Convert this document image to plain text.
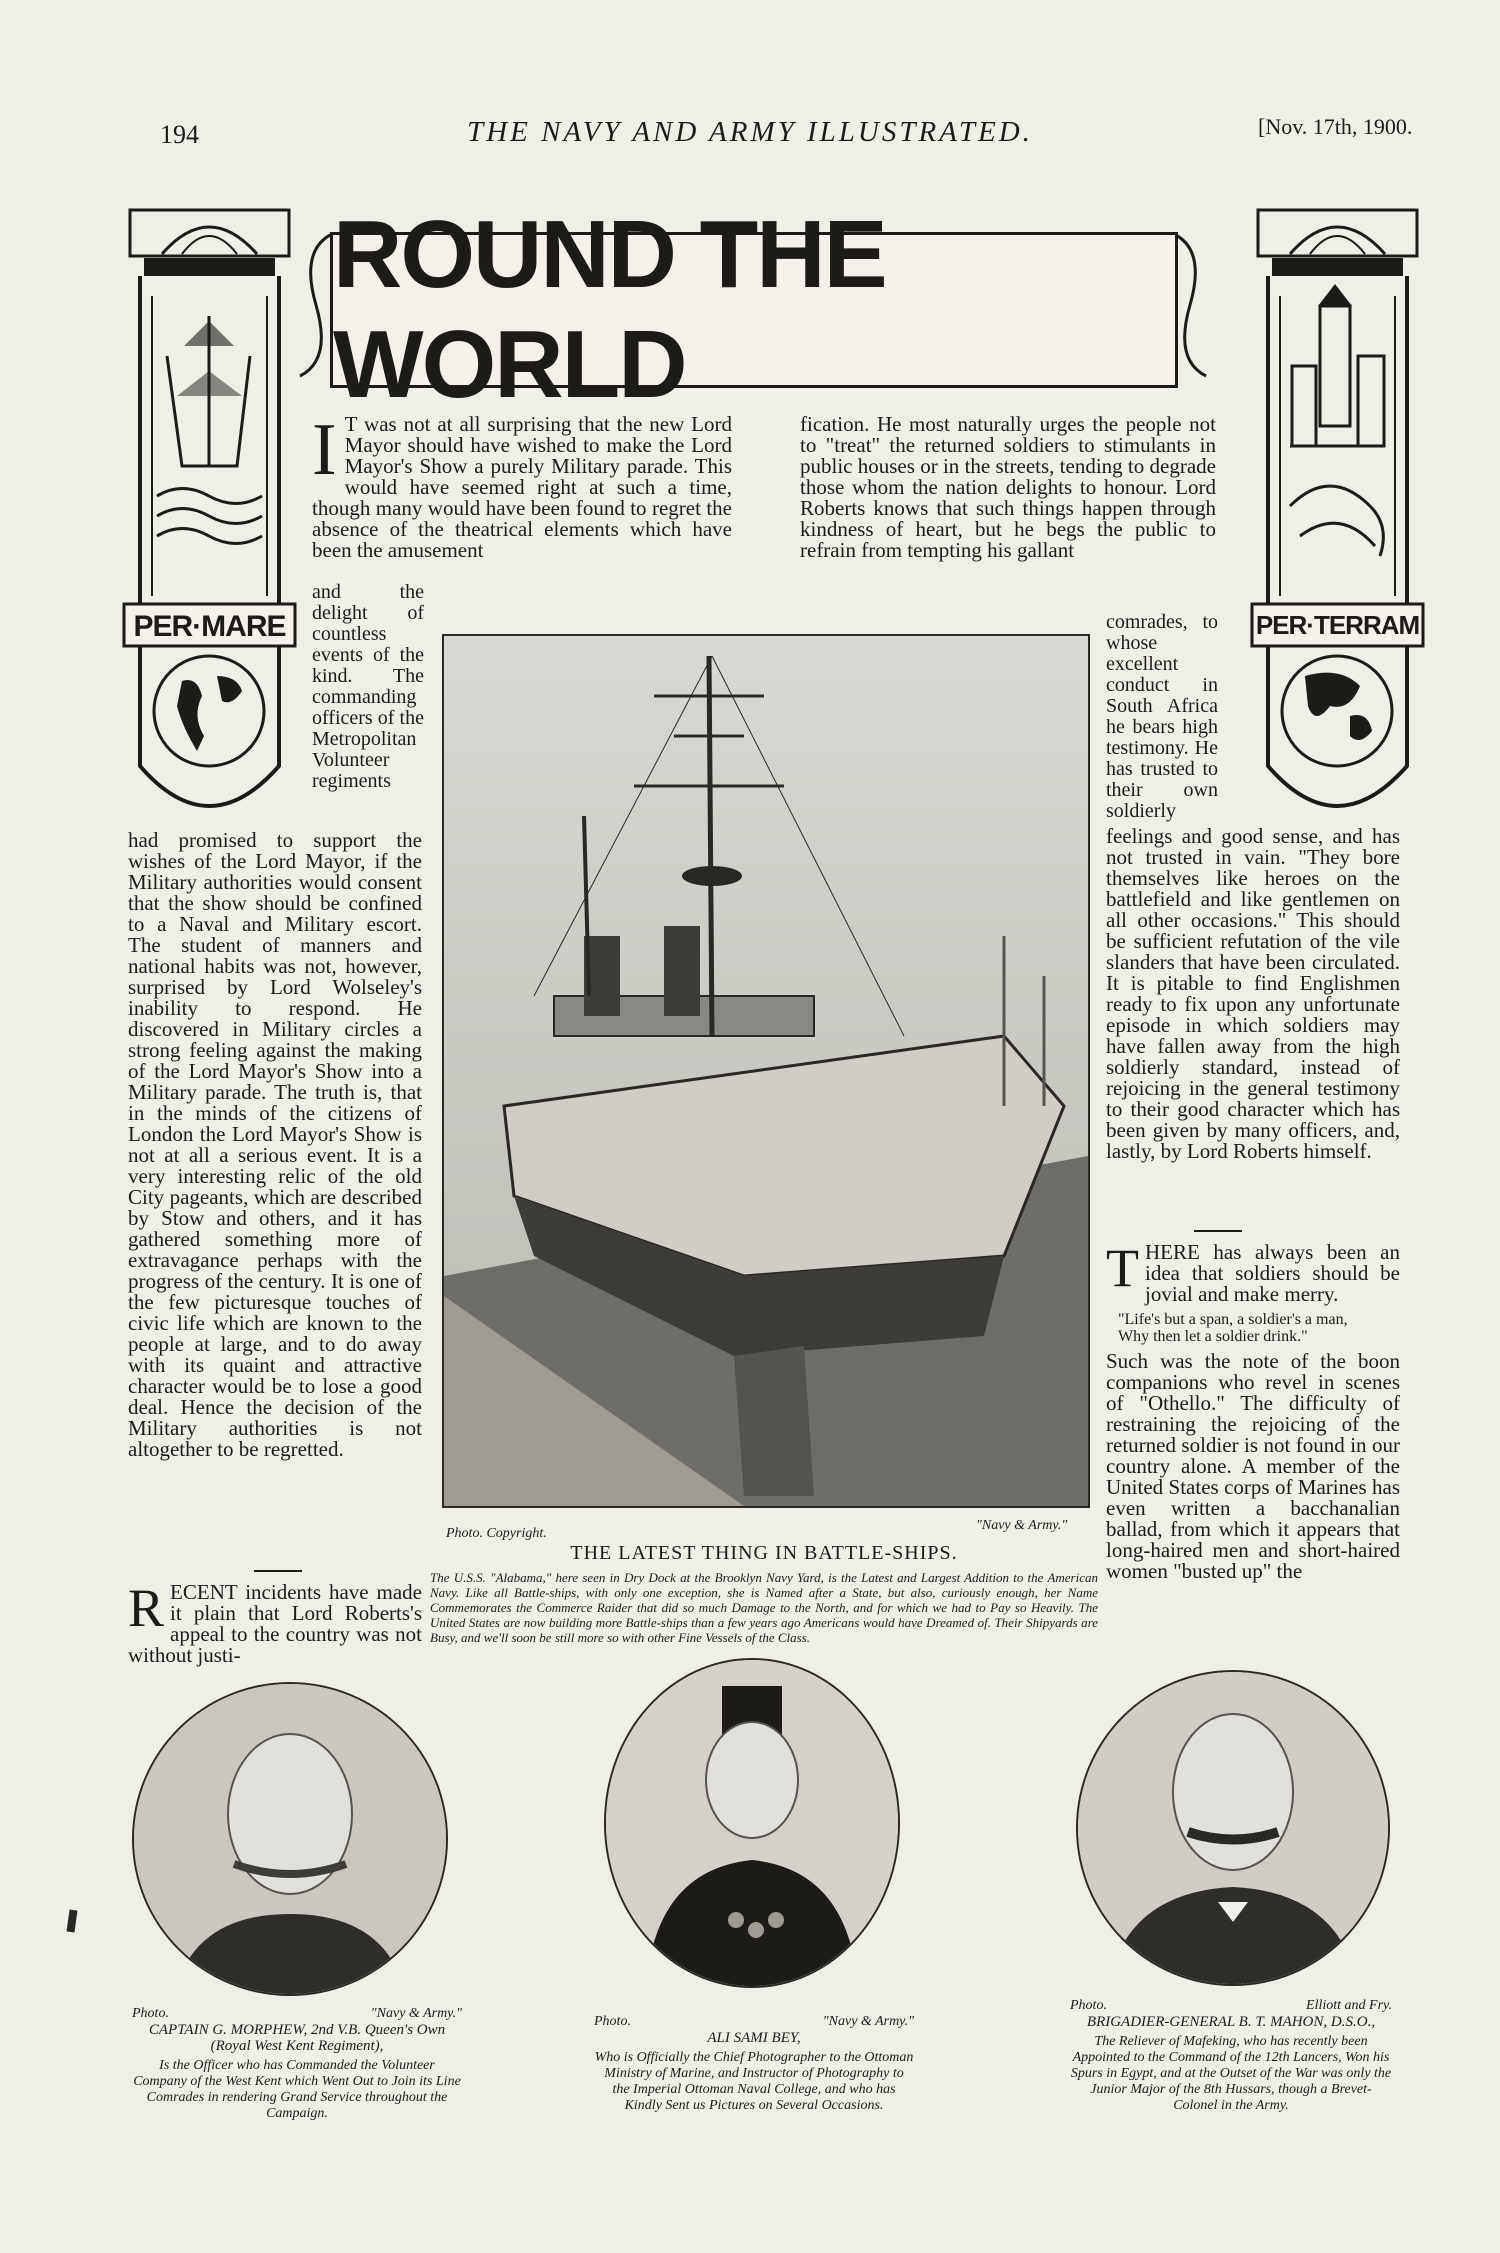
194	THE NAVY AND ARMY ILLUSTRATED.	[Nov. 17th, 1900.
PER·MARE	PER·TERRAM
ROUND THE WORLD
I T was not at all surprising that the new Lord Mayor should have wished to make the Lord Mayor's Show a purely Military parade. This would have seemed right at such a time, though many would have been found to regret the absence of the theatrical elements which have been the amusement

and the delight of countless events of the kind. The commanding officers of the Metropolitan Volunteer regiments

had promised to support the wishes of the Lord Mayor, if the Military authorities would consent that the show should be confined to a Naval and Military escort. The student of manners and national habits was not, however, surprised by Lord Wolseley's inability to respond. He discovered in Military circles a strong feeling against the making of the Lord Mayor's Show into a Military parade. The truth is, that in the minds of the citizens of London the Lord Mayor's Show is not at all a serious event. It is a very interesting relic of the old City pageants, which are described by Stow and others, and it has gathered something more of extravagance perhaps with the progress of the century. It is one of the few picturesque touches of civic life which are known to the people at large, and to do away with its quaint and attractive character would be to lose a good deal. Hence the decision of the Military authorities is not altogether to be regretted.

R ECENT incidents have made it plain that Lord Roberts's appeal to the country was not without justi-

fication. He most naturally urges the people not to "treat" the returned soldiers to stimulants in public houses or in the streets, tending to degrade those whom the nation delights to honour. Lord Roberts knows that such things happen through kindness of heart, but he begs the public to refrain from tempting his gallant

comrades, to whose excellent conduct in South Africa he bears high testimony. He has trusted to their own soldierly

feelings and good sense, and has not trusted in vain. "They bore themselves like heroes on the battlefield and like gentlemen on all other occasions." This should be sufficient refutation of the vile slanders that have been circulated. It is pitable to find Englishmen ready to fix upon any unfortunate episode in which soldiers may have fallen away from the high soldierly standard, instead of rejoicing in the general testimony to their good character which has been given by many officers, and, lastly, by Lord Roberts himself.

T HERE has always been an idea that soldiers should be jovial and make merry.

"Life's but a span, a soldier's a man,

Why then let a soldier drink."

Such was the note of the boon companions who revel in scenes of "Othello." The difficulty of restraining the rejoicing of the returned soldier is not found in our country alone. A member of the United States corps of Marines has even written a bacchanalian ballad, from which it appears that long-haired men and short-haired women "busted up" the

Photo. Copyright.
"Navy & Army."
THE LATEST THING IN BATTLE-SHIPS.
The U.S.S. "Alabama," here seen in Dry Dock at the Brooklyn Navy Yard, is the Latest and Largest Addition to the American Navy. Like all Battle-ships, with only one exception, she is Named after a State, but also, curiously enough, her Name Commemorates the Commerce Raider that did so much Damage to the North, and for which we had to Pay so Heavily. The United States are now building more Battle-ships than a few years ago Americans would have Dreamed of. Their Shipyards are Busy, and we'll soon be still more so with other Fine Vessels of the Class.
Photo.	"Navy & Army."
CAPTAIN G. MORPHEW, 2nd V.B. Queen's Own (Royal West Kent Regiment),
Is the Officer who has Commanded the Volunteer Company of the West Kent which Went Out to Join its Line Comrades in rendering Grand Service throughout the Campaign.
Photo.	"Navy & Army."
ALI SAMI BEY,
Who is Officially the Chief Photographer to the Ottoman Ministry of Marine, and Instructor of Photography to the Imperial Ottoman Naval College, and who has Kindly Sent us Pictures on Several Occasions.
Photo.	Elliott and Fry.
BRIGADIER-GENERAL B. T. MAHON, D.S.O.,
The Reliever of Mafeking, who has recently been Appointed to the Command of the 12th Lancers, Won his Spurs in Egypt, and at the Outset of the War was only the Junior Major of the 8th Hussars, though a Brevet-Colonel in the Army.
